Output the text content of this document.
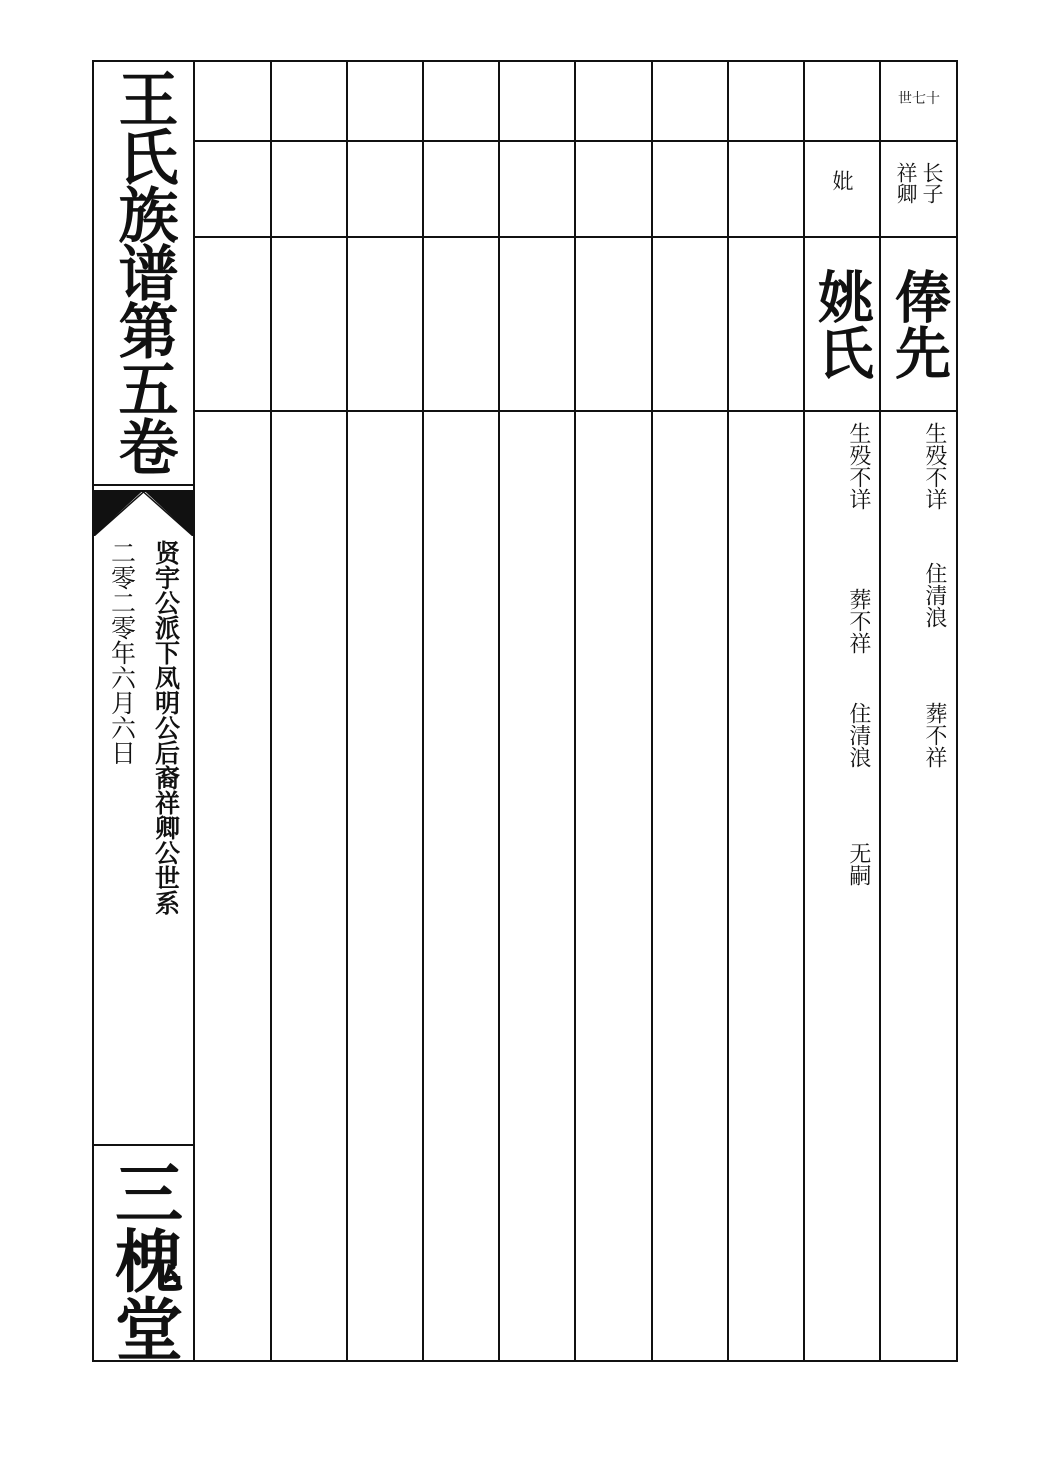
王氏族谱第五卷
贤宇公派下凤明公后裔祥卿公世系
二零二零年六月六日
三槐堂
世七十
祥卿 长子
妣
俸先
姚氏
生殁不详
住清浪
葬不祥
生殁不详
葬不祥
住清浪
无嗣
